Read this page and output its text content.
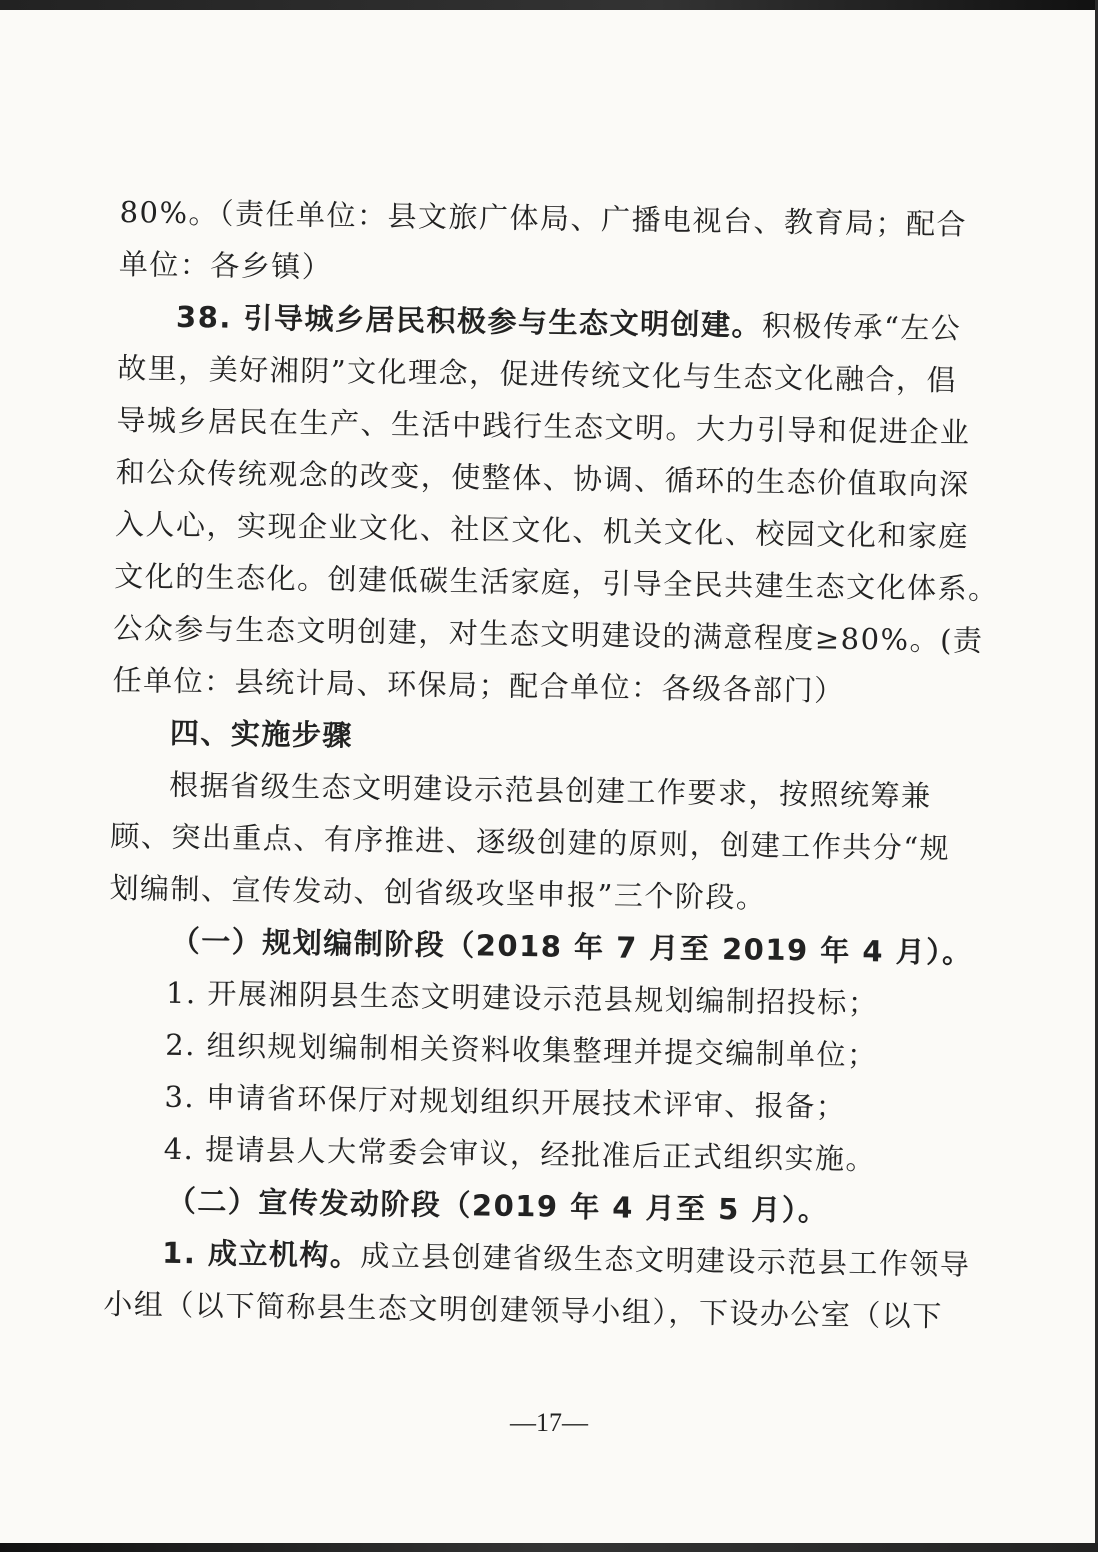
80%。（责任单位：县文旅广体局、广播电视台、教育局；配合
单位：各乡镇）
38. 引导城乡居民积极参与生态文明创建。积极传承“左公
故里，美好湘阴”文化理念，促进传统文化与生态文化融合，倡
导城乡居民在生产、生活中践行生态文明。大力引导和促进企业
和公众传统观念的改变，使整体、协调、循环的生态价值取向深
入人心，实现企业文化、社区文化、机关文化、校园文化和家庭
文化的生态化。创建低碳生活家庭，引导全民共建生态文化体系。
公众参与生态文明创建，对生态文明建设的满意程度≥80%。(责
任单位：县统计局、环保局；配合单位：各级各部门）
四、实施步骤
根据省级生态文明建设示范县创建工作要求，按照统筹兼
顾、突出重点、有序推进、逐级创建的原则，创建工作共分“规
划编制、宣传发动、创省级攻坚申报”三个阶段。
（一）规划编制阶段（2018 年 7 月至 2019 年 4 月）。
1. 开展湘阴县生态文明建设示范县规划编制招投标；
2. 组织规划编制相关资料收集整理并提交编制单位；
3. 申请省环保厅对规划组织开展技术评审、报备；
4. 提请县人大常委会审议，经批准后正式组织实施。
（二）宣传发动阶段（2019 年 4 月至 5 月）。
1. 成立机构。成立县创建省级生态文明建设示范县工作领导
小组（以下简称县生态文明创建领导小组），下设办公室（以下
—17—
